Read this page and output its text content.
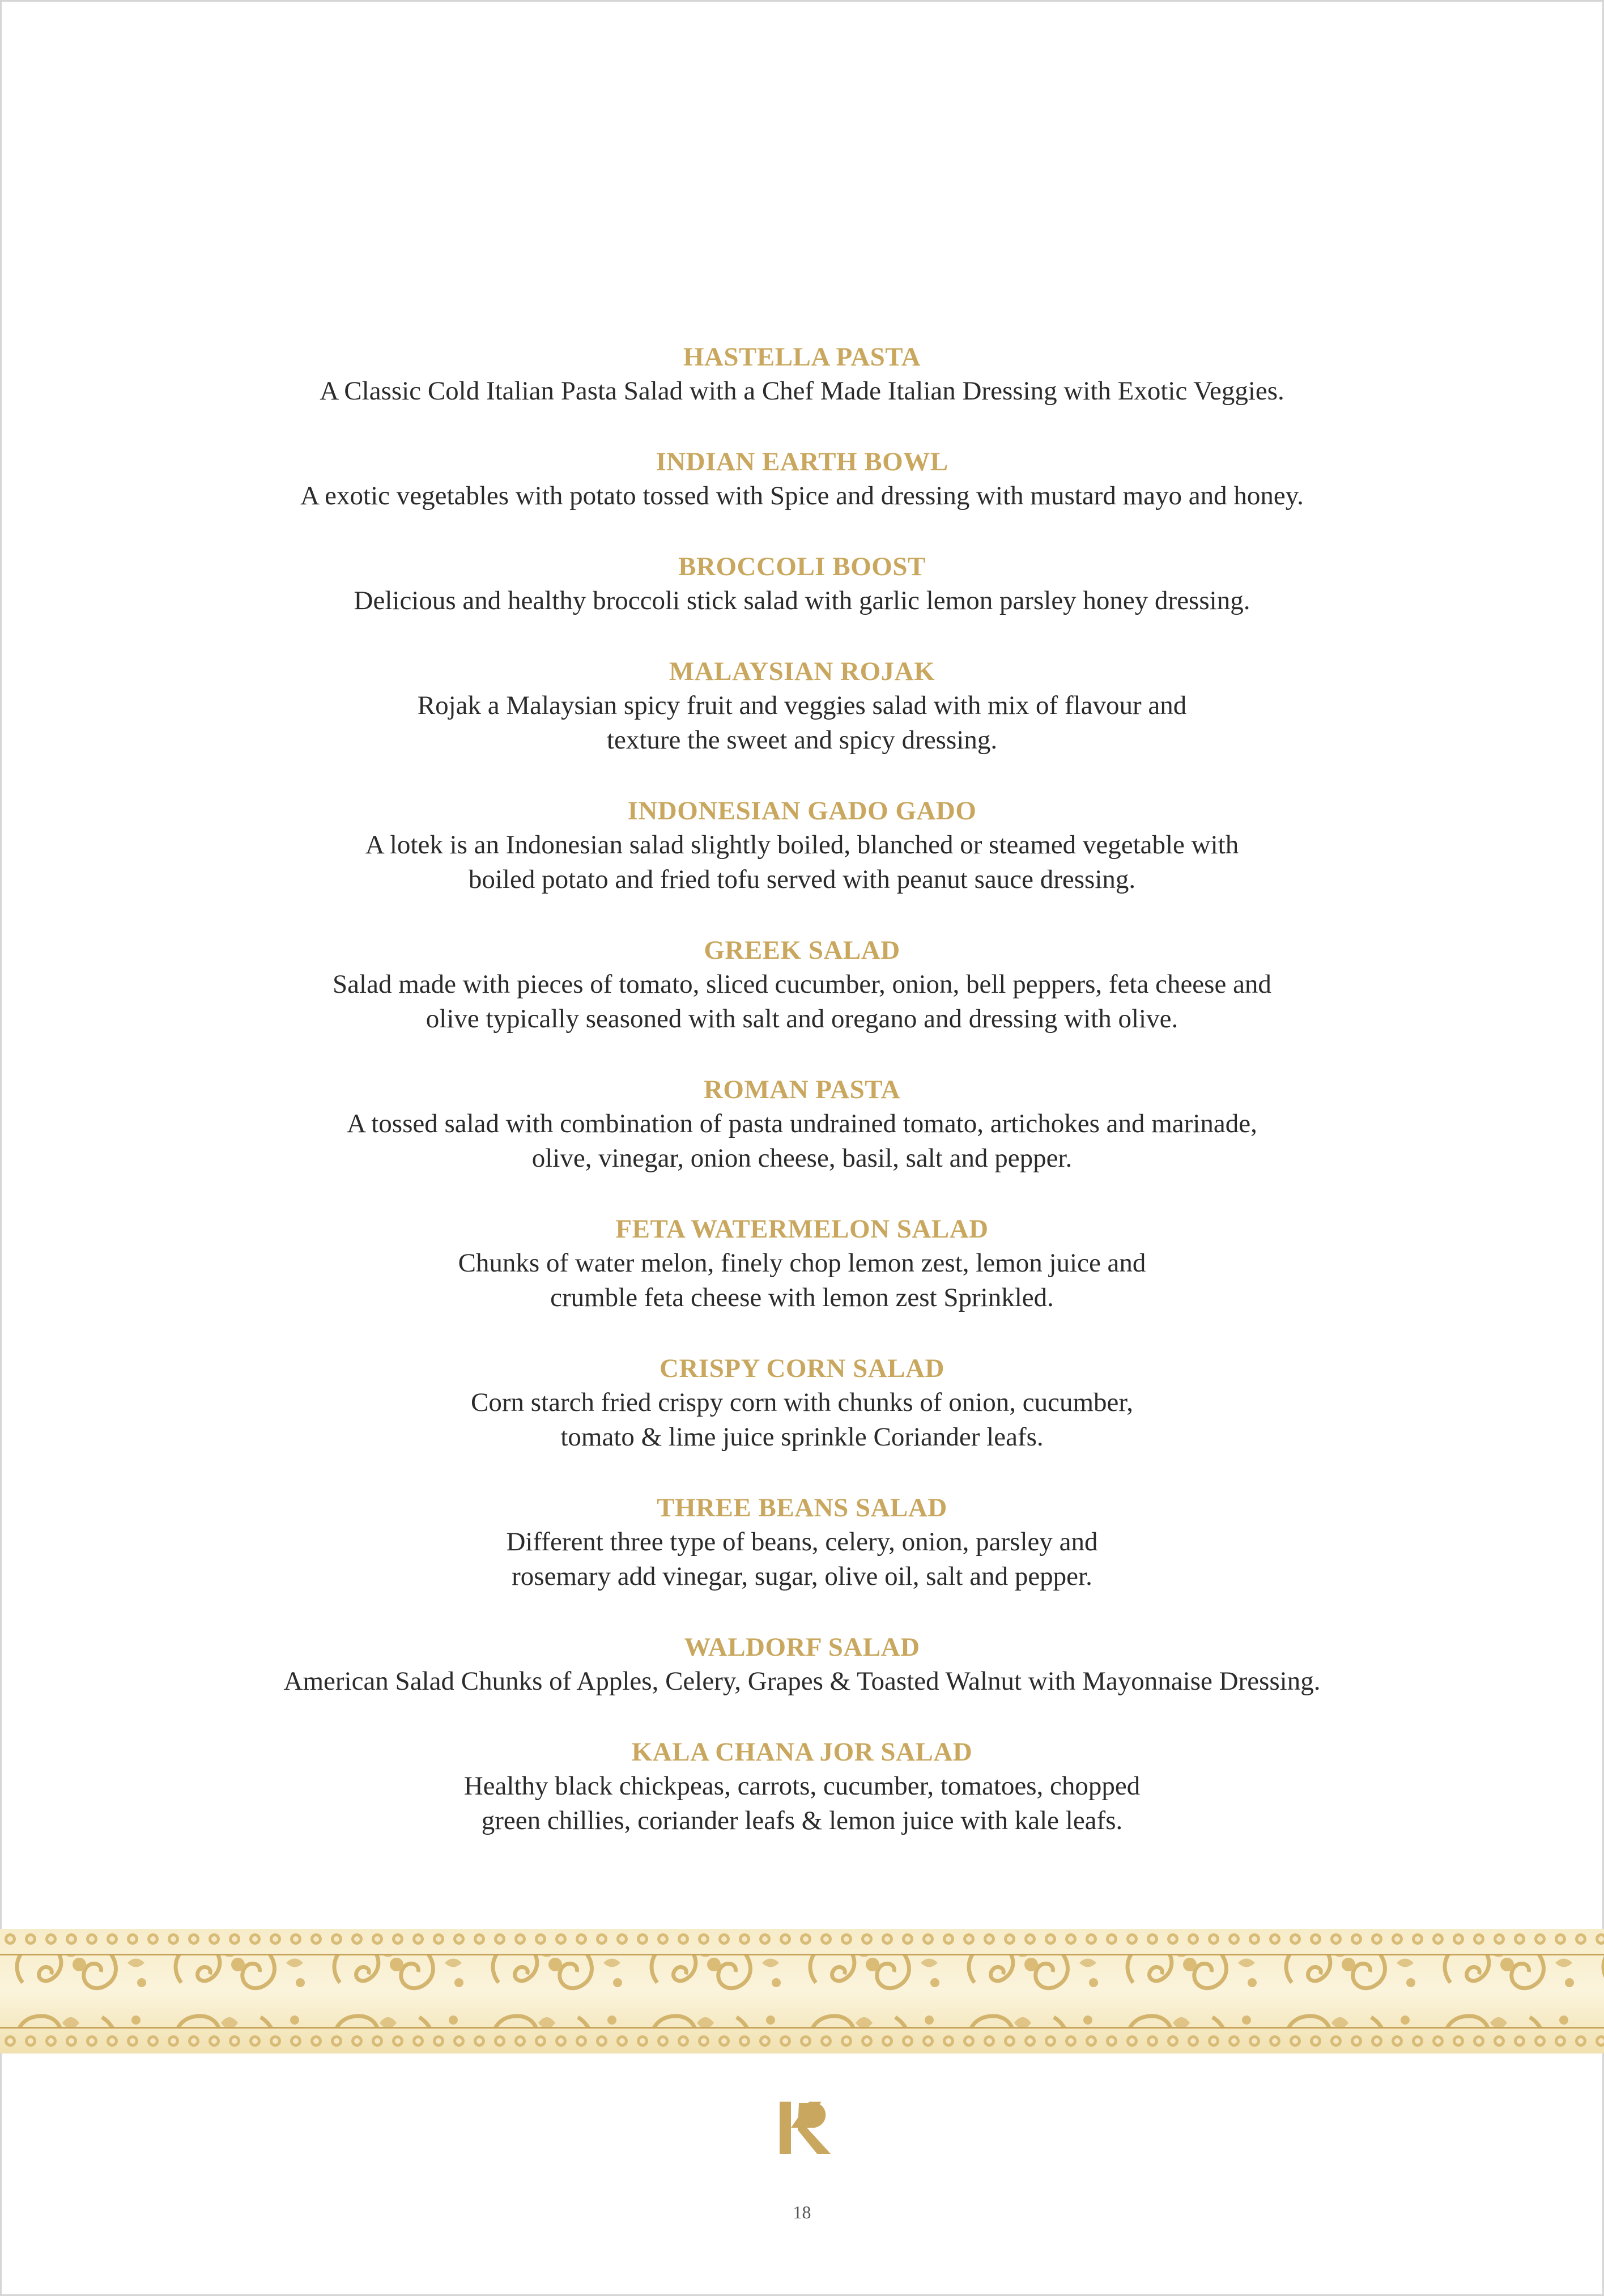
HASTELLA PASTA
A Classic Cold Italian Pasta Salad with a Chef Made Italian Dressing with Exotic Veggies.
INDIAN EARTH BOWL
A exotic vegetables with potato tossed with Spice and dressing with mustard mayo and honey.
BROCCOLI BOOST
Delicious and healthy broccoli stick salad with garlic lemon parsley honey dressing.
MALAYSIAN ROJAK
Rojak a Malaysian spicy fruit and veggies salad with mix of flavour and
texture the sweet and spicy dressing.
INDONESIAN GADO GADO
A lotek is an Indonesian salad slightly boiled, blanched or steamed vegetable with
boiled potato and fried tofu served with peanut sauce dressing.
GREEK SALAD
Salad made with pieces of tomato, sliced cucumber, onion, bell peppers, feta cheese and
olive typically seasoned with salt and oregano and dressing with olive.
ROMAN PASTA
A tossed salad with combination of pasta undrained tomato, artichokes and marinade,
olive, vinegar, onion cheese, basil, salt and pepper.
FETA WATERMELON SALAD
Chunks of water melon, finely chop lemon zest, lemon juice and
crumble feta cheese with lemon zest Sprinkled.
CRISPY CORN SALAD
Corn starch fried crispy corn with chunks of onion, cucumber,
tomato & lime juice sprinkle Coriander leafs.
THREE BEANS SALAD
Different three type of beans, celery, onion, parsley and
rosemary add vinegar, sugar, olive oil, salt and pepper.
WALDORF SALAD
American Salad Chunks of Apples, Celery, Grapes & Toasted Walnut with Mayonnaise Dressing.
KALA CHANA JOR SALAD
Healthy black chickpeas, carrots, cucumber, tomatoes, chopped
green chillies, coriander leafs & lemon juice with kale leafs.
18
